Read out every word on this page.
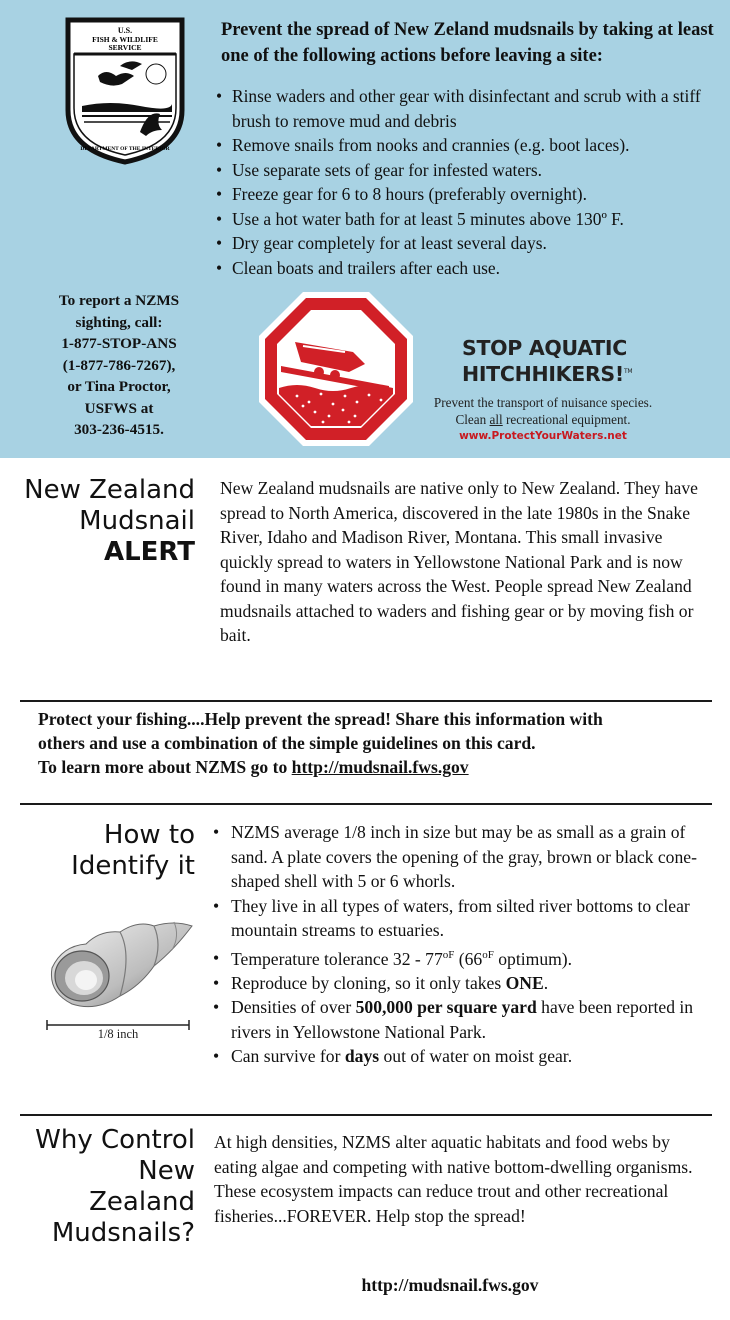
U.S.
FISH & WILDLIFE
SERVICE
DEPARTMENT OF THE INTERIOR
Prevent the spread of New Zeland mudsnails by taking at least one of the following actions before leaving a site:
• Rinse waders and other gear with disinfectant and scrub with a stiff brush to remove mud and debris
• Remove snails from nooks and crannies (e.g. boot laces).
• Use separate sets of gear for infested waters.
• Freeze gear for 6 to 8 hours (preferably overnight).
• Use a hot water bath for at least 5 minutes above 130º F.
• Dry gear completely for at least several days.
• Clean boats and trailers after each use.
To report a NZMS
sighting, call:
1-877-STOP-ANS
(1-877-786-7267),
or Tina Proctor,
USFWS at
303-236-4515.
STOP AQUATIC
HITCHHIKERS!™
Prevent the transport of nuisance species.
Clean all recreational equipment.
www.ProtectYourWaters.net
New Zealand
Mudsnail
ALERT

New Zealand mudsnails are native only to New Zealand. They have spread to North America, discovered in the late 1980s in the Snake River, Idaho and Madison River, Montana. This small invasive quickly spread to waters in Yellowstone National Park and is now found in many waters across the West. People spread New Zealand mudsnails attached to waders and fishing gear or by moving fish or bait.

Protect your fishing....Help prevent the spread! Share this information with
others and use a combination of the simple guidelines on this card.
To learn more about NZMS go to http://mudsnail.fws.gov
How to
Identify it
1/8 inch
• NZMS average 1/8 inch in size but may be as small as a grain of sand. A plate covers the opening of the gray, brown or black cone-shaped shell with 5 or 6 whorls.
• They live in all types of waters, from silted river bottoms to clear mountain streams to estuaries.
• Temperature tolerance $32 - 77^{oF}$ ($66^{oF}$ optimum).
• Reproduce by cloning, so it only takes ONE.
• Densities of over 500,000 per square yard have been reported in rivers in Yellowstone National Park.
• Can survive for days out of water on moist gear.
Why Control
New
Zealand
Mudsnails?

At high densities, NZMS alter aquatic habitats and food webs by eating algae and competing with native bottom-dwelling organisms. These ecosystem impacts can reduce trout and other recreational fisheries...FOREVER. Help stop the spread!

http://mudsnail.fws.gov
